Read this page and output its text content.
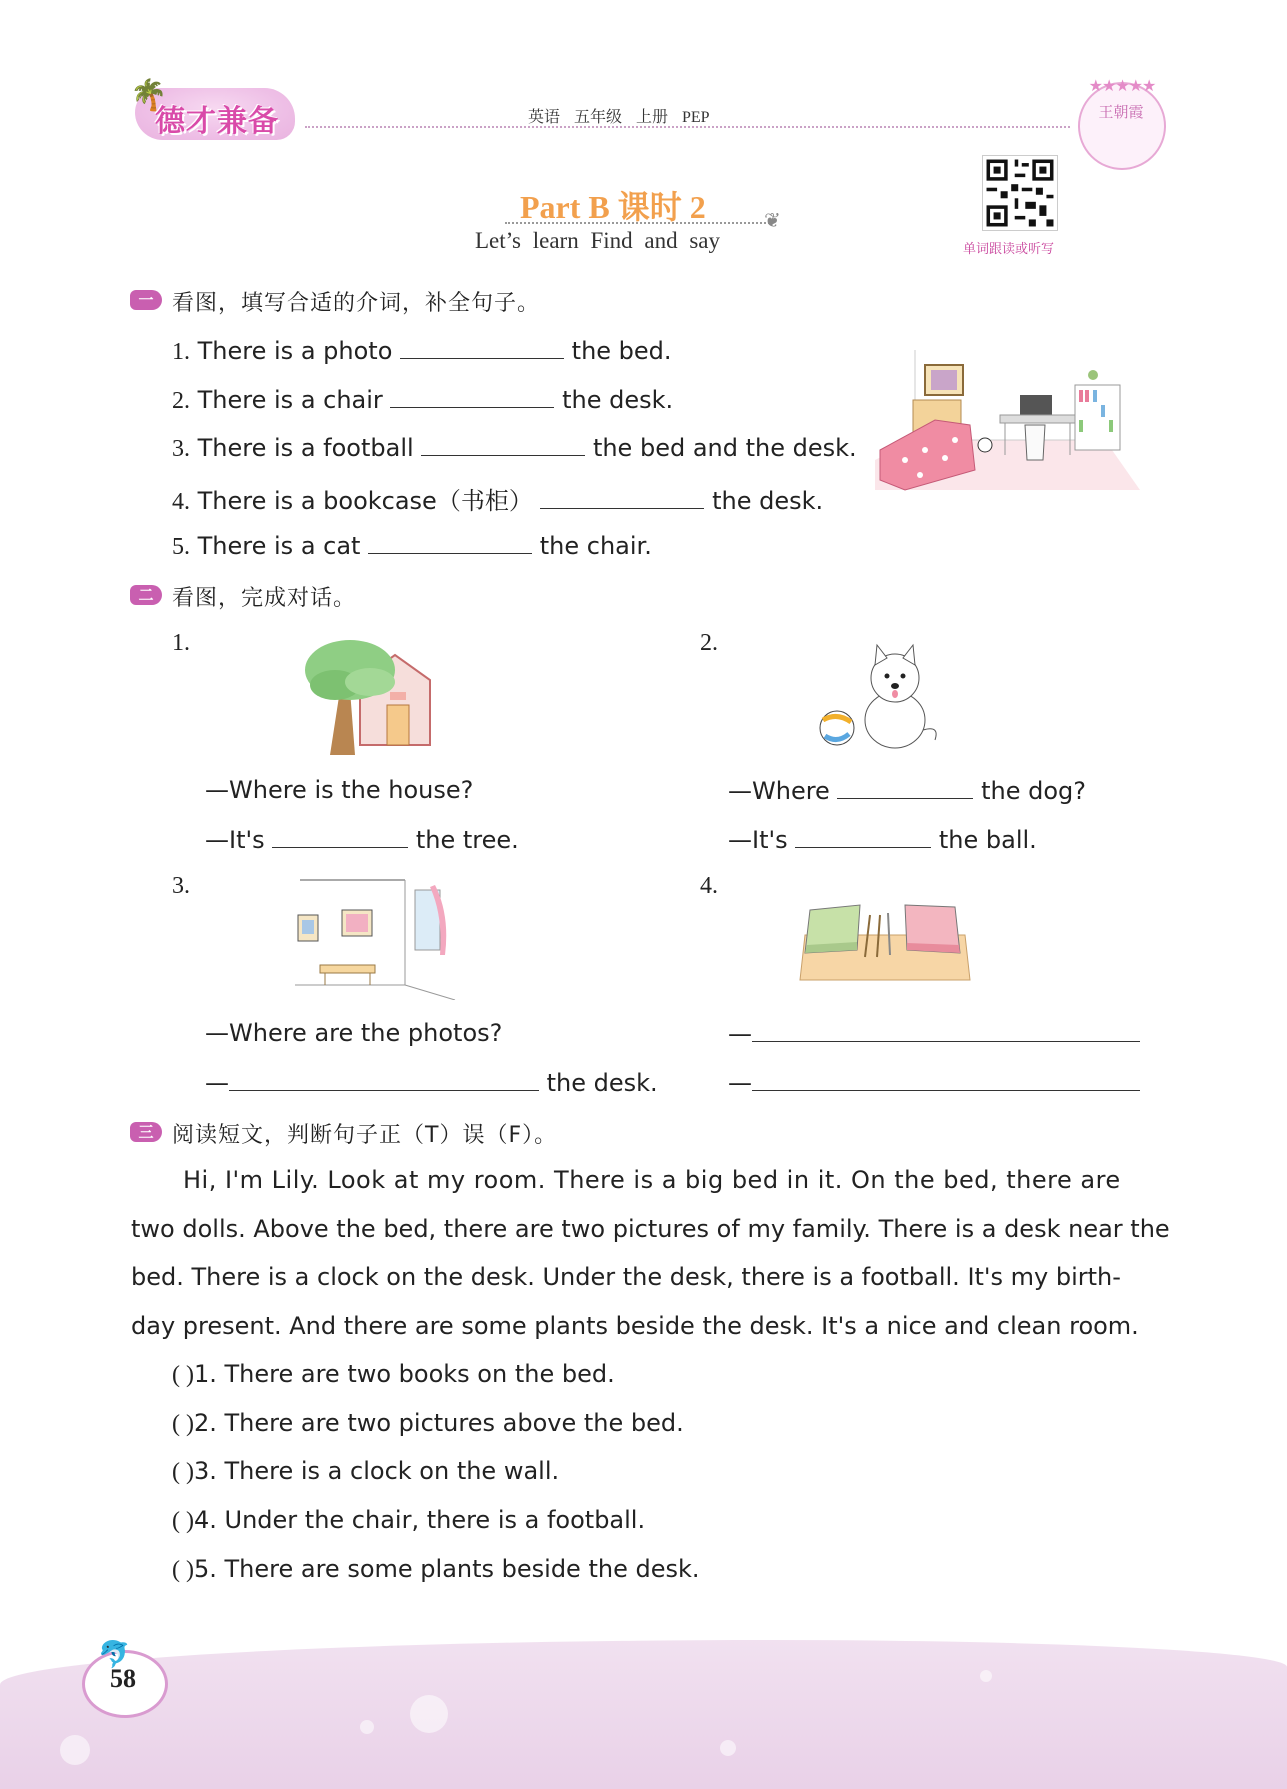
🌴
德才兼备	英语 五年级 上册 PEP
★★★★★
王朝霞
Part B 课时 2	❦
Let’s learn Find and say	单词跟读或听写
一 看图，填写合适的介词，补全句子。
1. There is a photo	the bed.
2. There is a chair	the desk.
3. There is a football	the bed and the desk.
4. There is a bookcase（书柜）	the desk.
5. There is a cat	the chair.
二 看图，完成对话。
1.
—Where is the house?
—It's	the tree.
2.
—Where	the dog?
—It's	the ball.
3.
—Where are the photos?
—	the desk.
4.
—
—
三 阅读短文，判断句子正（T）误（F）。
Hi, I'm Lily. Look at my room. There is a big bed in it. On the bed, there are
two dolls. Above the bed, there are two pictures of my family. There is a desk near the
bed. There is a clock on the desk. Under the desk, there is a football. It's my birth-
day present. And there are some plants beside the desk. It's a nice and clean room.
( )1. There are two books on the bed.
( )2. There are two pictures above the bed.
( )3. There is a clock on the wall.
( )4. Under the chair, there is a football.
( )5. There are some plants beside the desk.
🐬
58
